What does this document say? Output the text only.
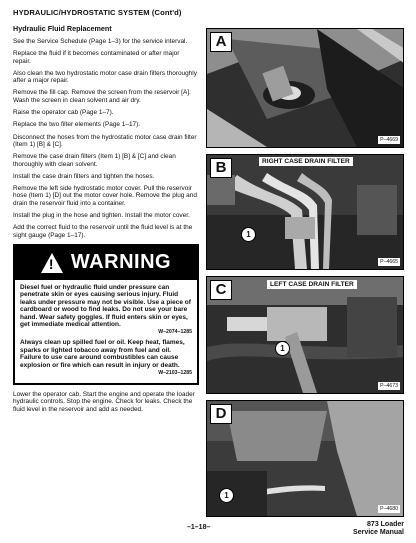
HYDRAULIC/HYDROSTATIC SYSTEM (Cont'd)
Hydraulic Fluid Replacement

See the Service Schedule (Page 1–3) for the service interval.

Replace the fluid if it becomes contaminated or after major repair.

Also clean the two hydrostatic motor case drain filters thoroughly after a major repair.

Remove the fill cap. Remove the screen from the reservoir [A]. Wash the screen in clean solvent and air dry.

Raise the operator cab (Page 1–7).

Replace the two filter elements (Page 1–17).

Disconnect the hoses from the hydrostatic motor case drain filter (Item 1) [B] & [C].

Remove the case drain filters (Item 1) [B] & [C] and clean thoroughly with clean solvent.

Install the case drain filters and tighten the hoses.

Remove the left side hydrostatic motor cover. Pull the reservoir hose (Item 1) [D] out the motor cover hole. Remove the plug and drain the reservoir fluid into a container.

Install the plug in the hose and tighten. Install the motor cover.

Add the correct fluid to the reservoir until the fluid level is at the sight gauge (Page 1–17).

! WARNING

Diesel fuel or hydraulic fluid under pressure can penetrate skin or eyes causing serious injury. Fluid leaks under pressure may not be visible. Use a piece of cardboard or wood to find leaks. Do not use your bare hand. Wear safety goggles. If fluid enters skin or eyes, get immediate medical attention.

W–2074–1285

Always clean up spilled fuel or oil. Keep heat, flames, sparks or lighted tobacco away from fuel and oil. Failure to use care around combustibles can cause explosion or fire which can result in injury or death.

W–2103–1285

Lower the operator cab. Start the engine and operate the loader hydraulic controls. Stop the engine. Check for leaks. Check the fluid level in the reservoir and add as needed.

A
P–4669
B	RIGHT CASE DRAIN FILTER
1
P–4665
C	LEFT CASE DRAIN FILTER
1
P–4673
D
1
P–4680
–1–18–	873 Loader
Service Manual
